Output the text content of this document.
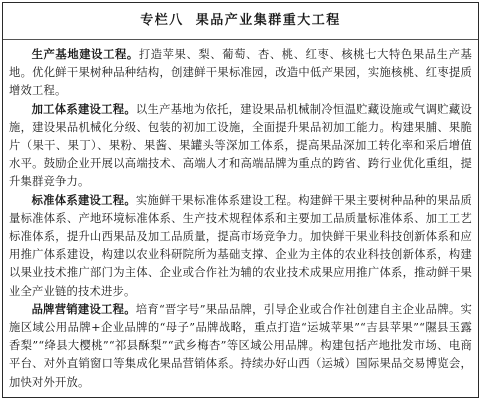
专栏八 果品产业集群重大工程

生产基地建设工程。打造苹果、梨、葡萄、杏、桃、红枣、核桃七大特色果品生产基地。优化鲜干果树种品种结构，创建鲜干果标准园，改造中低产果园，实施核桃、红枣提质增效工程。

加工体系建设工程。以生产基地为依托，建设果品机械制冷恒温贮藏设施或气调贮藏设施，建设果品机械化分级、包装的初加工设施，全面提升果品初加工能力。构建果脯、果脆片（果干、果丁）、果粉、果酱、果罐头等深加工体系，提高果品深加工转化率和采后增值水平。鼓励企业开展以高端技术、高端人才和高端品牌为重点的跨省、跨行业优化重组，提升集群竞争力。

标准体系建设工程。实施鲜干果标准体系建设工程。构建鲜干果主要树种品种的果品质量标准体系、产地环境标准体系、生产技术规程体系和主要加工品质量标准体系、加工工艺标准体系，提升山西果品及加工品质量，提高市场竞争力。加快鲜干果业科技创新体系和应用推广体系建设，构建以农业科研院所为基础支撑、企业为主体的农业科技创新体系，构建以果业技术推广部门为主体、企业或合作社为辅的农业技术成果应用推广体系，推动鲜干果业全产业链的技术进步。

品牌营销建设工程。培育“晋字号”果品品牌，引导企业或合作社创建自主企业品牌。实施区域公用品牌+企业品牌的“母子”品牌战略，重点打造“运城苹果”“吉县苹果”“隰县玉露香梨”“绛县大樱桃”“祁县酥梨”“武乡梅杏”等区域公用品牌。构建包括产地批发市场、电商平台、对外直销窗口等集成化果品营销体系。持续办好山西（运城）国际果品交易博览会，加快对外开放。
